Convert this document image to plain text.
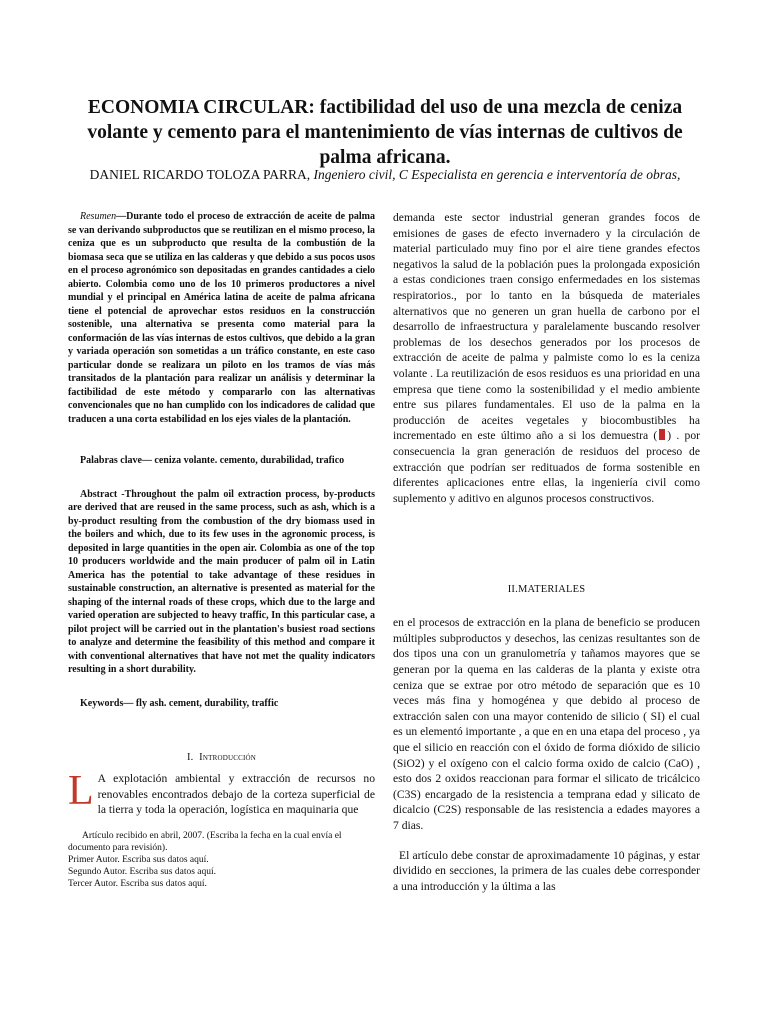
ECONOMIA CIRCULAR: factibilidad del uso de una mezcla de ceniza volante y cemento para el mantenimiento de vías internas de cultivos de palma africana.
DANIEL RICARDO TOLOZA PARRA, Ingeniero civil, C Especialista en gerencia e interventoría de obras,

Resumen—Durante todo el proceso de extracción de aceite de palma se van derivando subproductos que se reutilizan en el mismo proceso, la ceniza que es un subproducto que resulta de la combustión de la biomasa seca que se utiliza en las calderas y que debido a sus pocos usos en el proceso agronómico son depositadas en grandes cantidades a cielo abierto. Colombia como uno de los 10 primeros productores a nivel mundial y el principal en América latina de aceite de palma africana tiene el potencial de aprovechar estos residuos en la construcción sostenible, una alternativa se presenta como material para la conformación de las vías internas de estos cultivos, que debido a la gran y variada operación son sometidas a un tráfico constante, en este caso particular donde se realizara un piloto en los tramos de vías más transitados de la plantación para realizar un análisis y determinar la factibilidad de este método y compararlo con las alternativas convencionales que no han cumplido con los indicadores de calidad que traducen a una corta estabilidad en los ejes viales de la plantación.

Palabras clave— ceniza volante. cemento, durabilidad, trafico

Abstract -Throughout the palm oil extraction process, by-products are derived that are reused in the same process, such as ash, which is a by-product resulting from the combustion of the dry biomass used in the boilers and which, due to its few uses in the agronomic process, is deposited in large quantities in the open air. Colombia as one of the top 10 producers worldwide and the main producer of palm oil in Latin America has the potential to take advantage of these residues in sustainable construction, an alternative is presented as material for the shaping of the internal roads of these crops, which due to the large and varied operation are subjected to heavy traffic, In this particular case, a pilot project will be carried out in the plantation's busiest road sections to analyze and determine the feasibility of this method and compare it with conventional alternatives that have not met the quality indicators resulting in a short durability.

Keywords— fly ash. cement, durability, traffic

I. Introducción

L A explotación ambiental y extracción de recursos no renovables encontrados debajo de la corteza superficial de la tierra y toda la operación, logística en maquinaria que

Artículo recibido en abril, 2007. (Escriba la fecha en la cual envía el documento para revisión).

Primer Autor. Escriba sus datos aquí.

Segundo Autor. Escriba sus datos aquí.

Tercer Autor. Escriba sus datos aquí.

demanda este sector industrial generan grandes focos de emisiones de gases de efecto invernadero y la circulación de material particulado muy fino por el aire tiene grandes efectos negativos la salud de la población pues la prolongada exposición a estas condiciones traen consigo enfermedades en los sistemas respiratorios., por lo tanto en la búsqueda de materiales alternativos que no generen un gran huella de carbono por el desarrollo de infraestructura y paralelamente buscando resolver problemas de los desechos generados por los procesos de extracción de aceite de palma y palmiste como lo es la ceniza volante . La reutilización de esos residuos es una prioridad en una empresa que tiene como la sostenibilidad y el medio ambiente entre sus pilares fundamentales. El uso de la palma en la producción de aceites vegetales y biocombustibles ha incrementado en este último año a si los demuestra ( ) . por consecuencia la gran generación de residuos del proceso de extracción que podrían ser redituados de forma sostenible en diferentes aplicaciones entre ellas, la ingeniería civil como suplemento y aditivo en algunos procesos constructivos.

II.MATERIALES

en el procesos de extracción en la plana de beneficio se producen múltiples subproductos y desechos, las cenizas resultantes son de dos tipos una con un granulometría y tañamos mayores que se generan por la quema en las calderas de la planta y existe otra ceniza que se extrae por otro método de separación que es 10 veces más fina y homogénea y que debido al proceso de extracción salen con una mayor contenido de silicio ( SI) el cual es un elementó importante , a que en en una etapa del proceso , ya que el silicio en reacción con el óxido de forma dióxido de silicio (SiO2) y el oxígeno con el calcio forma oxido de calcio (CaO) , esto dos 2 oxidos reaccionan para formar el silicato de tricálcico (C3S) encargado de la resistencia a temprana edad y silicato de dicalcio (C2S) responsable de las resistencia a edades mayores a 7 dias.

El artículo debe constar de aproximadamente 10 páginas, y estar dividido en secciones, la primera de las cuales debe corresponder a una introducción y la última a las
